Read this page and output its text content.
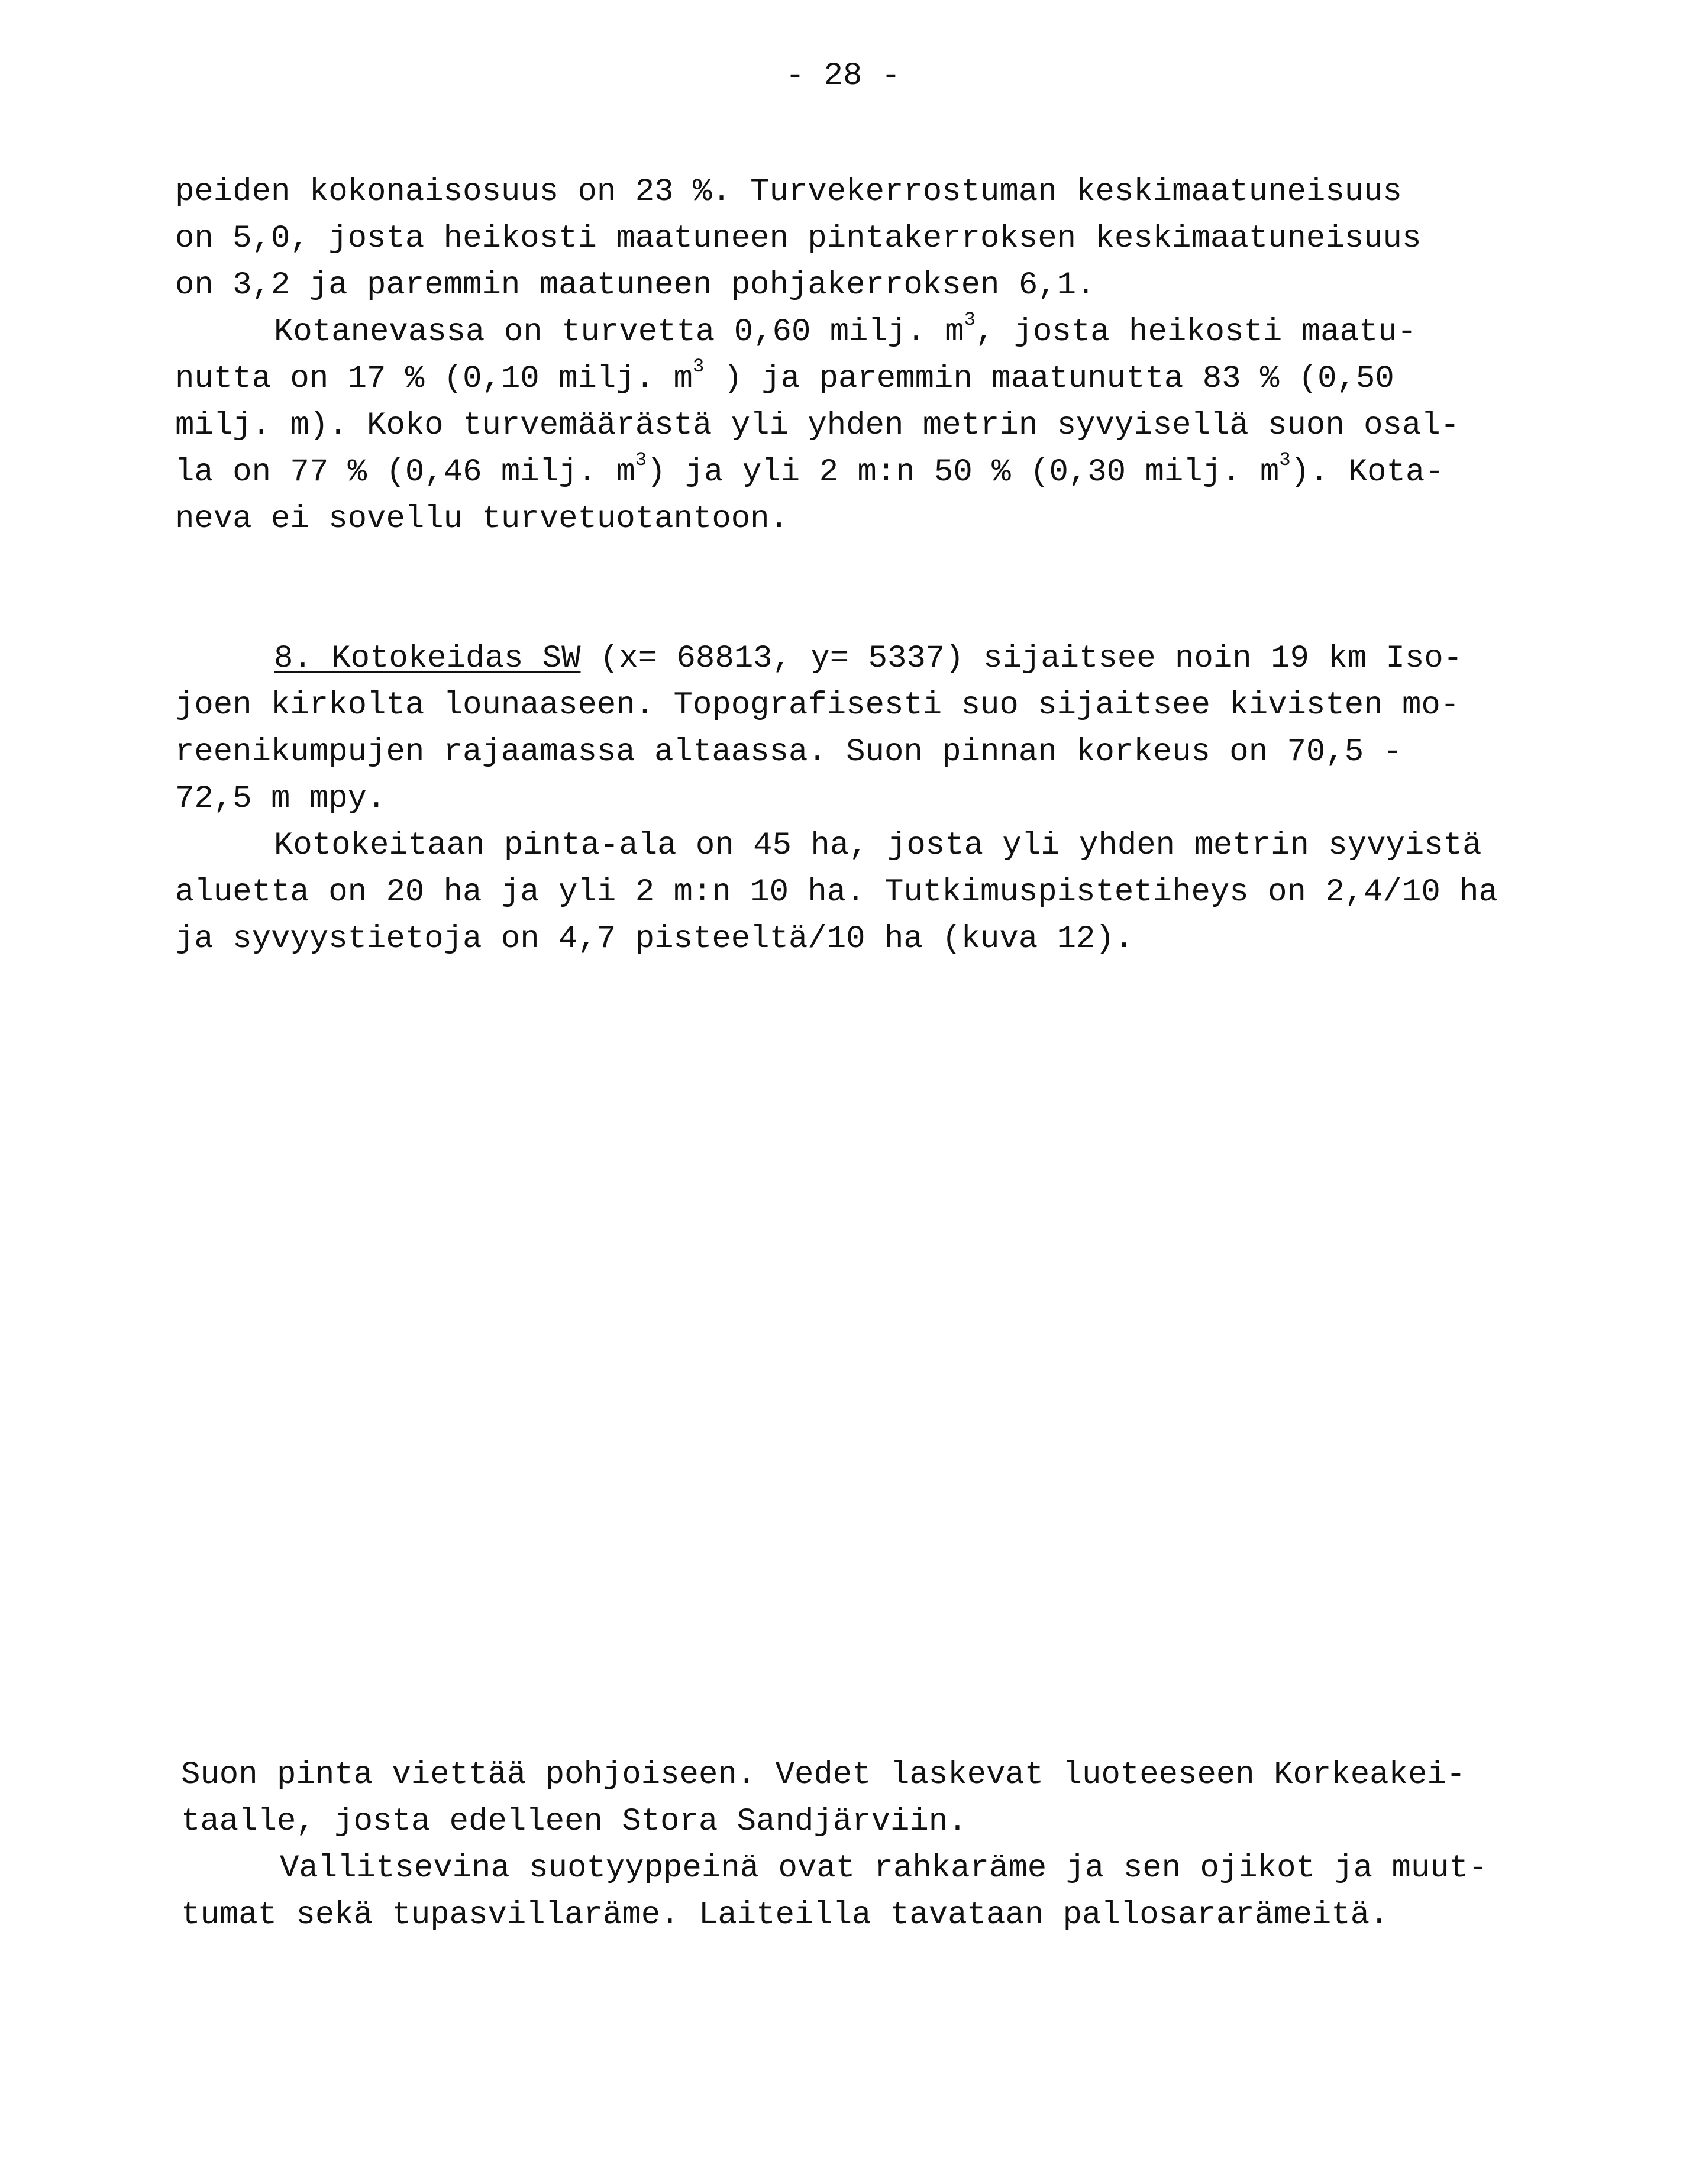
- 28 -
peiden kokonaisosuus on 23 %. Turvekerrostuman keskimaatuneisuus
on 5,0, josta heikosti maatuneen pintakerroksen keskimaatuneisuus
on 3,2 ja paremmin maatuneen pohjakerroksen 6,1.
Kotanevassa on turvetta 0,60 milj. $m^3$, josta heikosti maatu-
nutta on 17 % (0,10 milj. $m^3$ ) ja paremmin maatunutta 83 % (0,50
milj. m). Koko turvemäärästä yli yhden metrin syvyisellä suon osal-
la on 77 % (0,46 milj. $m^3$) ja yli 2 m:n 50 % (0,30 milj. $m^3$). Kota-
neva ei sovellu turvetuotantoon.
8. Kotokeidas SW (x= 68813, y= 5337) sijaitsee noin 19 km Iso-
joen kirkolta lounaaseen. Topografisesti suo sijaitsee kivisten mo-
reenikumpujen rajaamassa altaassa. Suon pinnan korkeus on 70,5 -
72,5 m mpy.
Kotokeitaan pinta-ala on 45 ha, josta yli yhden metrin syvyistä
aluetta on 20 ha ja yli 2 m:n 10 ha. Tutkimuspistetiheys on 2,4/10 ha
ja syvyystietoja on 4,7 pisteeltä/10 ha (kuva 12).
Suon pinta viettää pohjoiseen. Vedet laskevat luoteeseen Korkeakei-
taalle, josta edelleen Stora Sandjärviin.
Vallitsevina suotyyppeinä ovat rahkaräme ja sen ojikot ja muut-
tumat sekä tupasvillaräme. Laiteilla tavataan pallosararämeitä.
